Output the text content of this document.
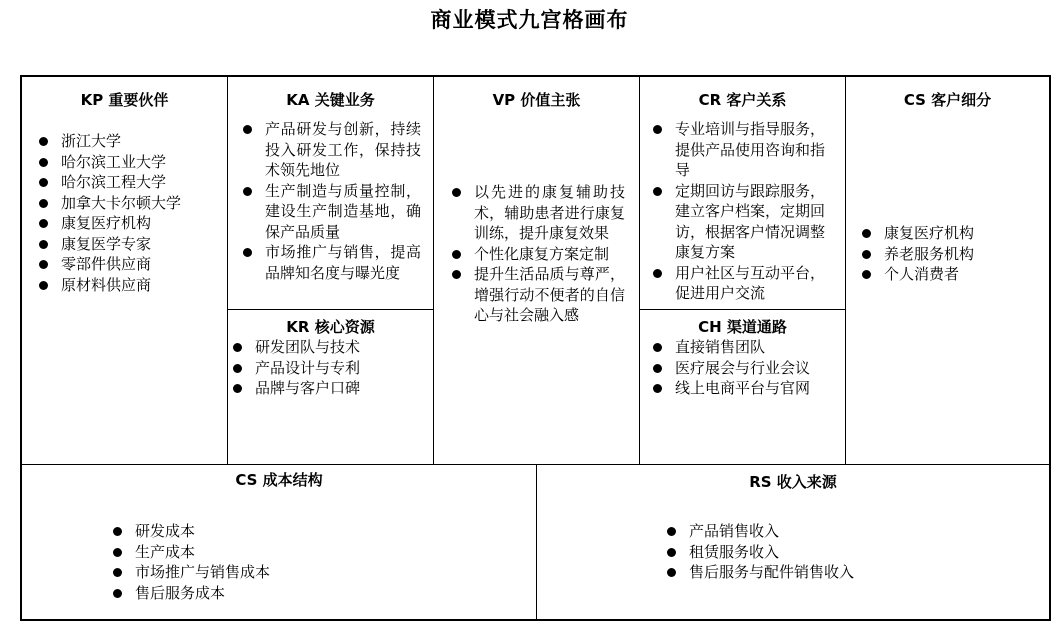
商业模式九宫格画布
KP 重要伙伴
浙江大学
哈尔滨工业大学
哈尔滨工程大学
加拿大卡尔顿大学
康复医疗机构
康复医学专家
零部件供应商
原材料供应商
KA 关键业务
产品研发与创新，持续投入研发工作，保持技术领先地位
生产制造与质量控制，建设生产制造基地，确保产品质量
市场推广与销售，提高品牌知名度与曝光度
KR 核心资源
研发团队与技术
产品设计与专利
品牌与客户口碑
VP 价值主张
以先进的康复辅助技术，辅助患者进行康复训练，提升康复效果
个性化康复方案定制
提升生活品质与尊严，增强行动不便者的自信心与社会融入感
CR 客户关系
专业培训与指导服务，提供产品使用咨询和指导
定期回访与跟踪服务，建立客户档案，定期回访，根据客户情况调整康复方案
用户社区与互动平台，促进用户交流
CH 渠道通路
直接销售团队
医疗展会与行业会议
线上电商平台与官网
CS 客户细分
康复医疗机构
养老服务机构
个人消费者
CS 成本结构
研发成本
生产成本
市场推广与销售成本
售后服务成本
RS 收入来源
产品销售收入
租赁服务收入
售后服务与配件销售收入
